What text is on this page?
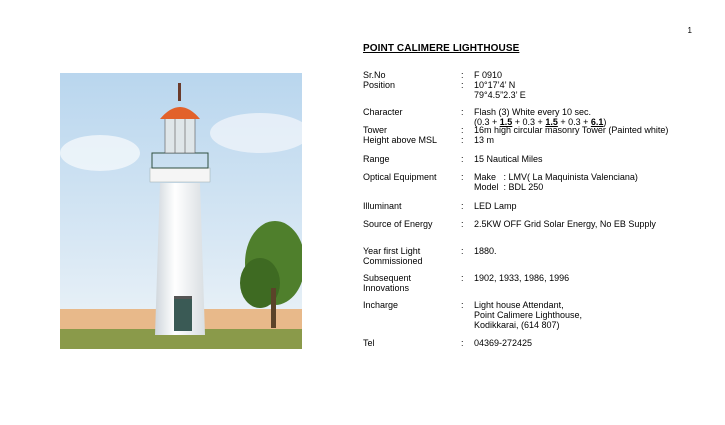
1
POINT CALIMERE LIGHTHOUSE
Sr.No	: F 0910
Position	: 10°17’4’ N
79°4.5”2.3’ E
Character	: Flash (3) White every 10 sec.
(0.3 + 1.5 + 0.3 + 1.5 + 0.3 + 6.1)
Tower	: 16m high circular masonry Tower (Painted white)
Height above MSL	: 13 m
Range	: 15 Nautical Miles
Optical Equipment	: Make   : LMV( La Maquinista Valenciana)
Model  : BDL 250
Illuminant	: LED Lamp
Source of Energy	: 2.5KW OFF Grid Solar Energy, No EB Supply
Year first Light
Commissioned
: 1880.
Subsequent
Innovations
: 1902, 1933, 1986, 1996
Incharge	: Light house Attendant,
Point Calimere Lighthouse,
Kodikkarai, (614 807)
Tel	: 04369-272425
